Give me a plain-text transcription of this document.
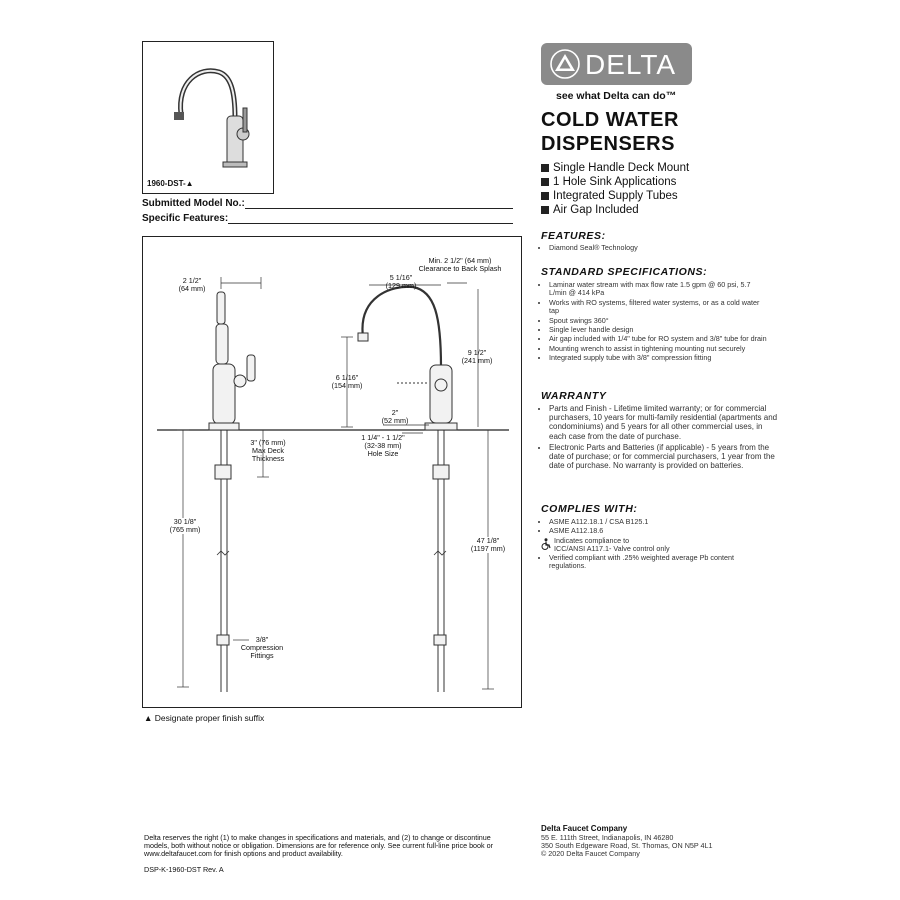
1960-DST-▲
Submitted Model No.:
Specific Features:
2 1/2"
(64 mm)
Min. 2 1/2" (64 mm)
Clearance to Back Splash
5 1/16"
(129 mm)
9 1/2"
(241 mm)
6 1/16"
(154 mm)
2"
(52 mm)
3" (76 mm)
Max Deck
Thickness
1 1/4" - 1 1/2"
(32-38 mm)
Hole Size
30 1/8"
(765 mm)
47 1/8"
(1197 mm)
3/8"
Compression
Fittings
▲ Designate proper finish suffix
DELTA
see what Delta can do™
COLD WATER
DISPENSERS
Single Handle Deck Mount
1 Hole Sink Applications
Integrated Supply Tubes
Air Gap Included
FEATURES:
• Diamond Seal® Technology
STANDARD SPECIFICATIONS:
• Laminar water stream with max flow rate 1.5 gpm @ 60 psi, 5.7 L/min @ 414 kPa
• Works with RO systems, filtered water systems, or as a cold water tap
• Spout swings 360°
• Single lever handle design
• Air gap included with 1/4" tube for RO system and 3/8" tube for drain
• Mounting wrench to assist in tightening mounting nut securely
• Integrated supply tube with 3/8" compression fitting
WARRANTY
• Parts and Finish - Lifetime limited warranty; or for commercial purchasers, 10 years for multi-family residential (apartments and condominiums) and 5 years for all other commercial uses, in each case from the date of purchase.
• Electronic Parts and Batteries (if applicable) - 5 years from the date of purchase; or for commercial purchasers, 1 year from the date of purchase. No warranty is provided on batteries.
COMPLIES WITH:
• ASME A112.18.1 / CSA B125.1
• ASME A112.18.6
Indicates compliance to
ICC/ANSI A117.1- Valve control only
• Verified compliant with .25% weighted average Pb content regulations.
Delta reserves the right (1) to make changes in specifications and materials, and (2) to change or discontinue models, both without notice or obligation. Dimensions are for reference only. See current full-line price book or www.deltafaucet.com for finish options and product availability.
DSP-K-1960-DST Rev. A
Delta Faucet Company
55 E. 111th Street, Indianapolis, IN 46280
350 South Edgeware Road, St. Thomas, ON N5P 4L1
© 2020 Delta Faucet Company
